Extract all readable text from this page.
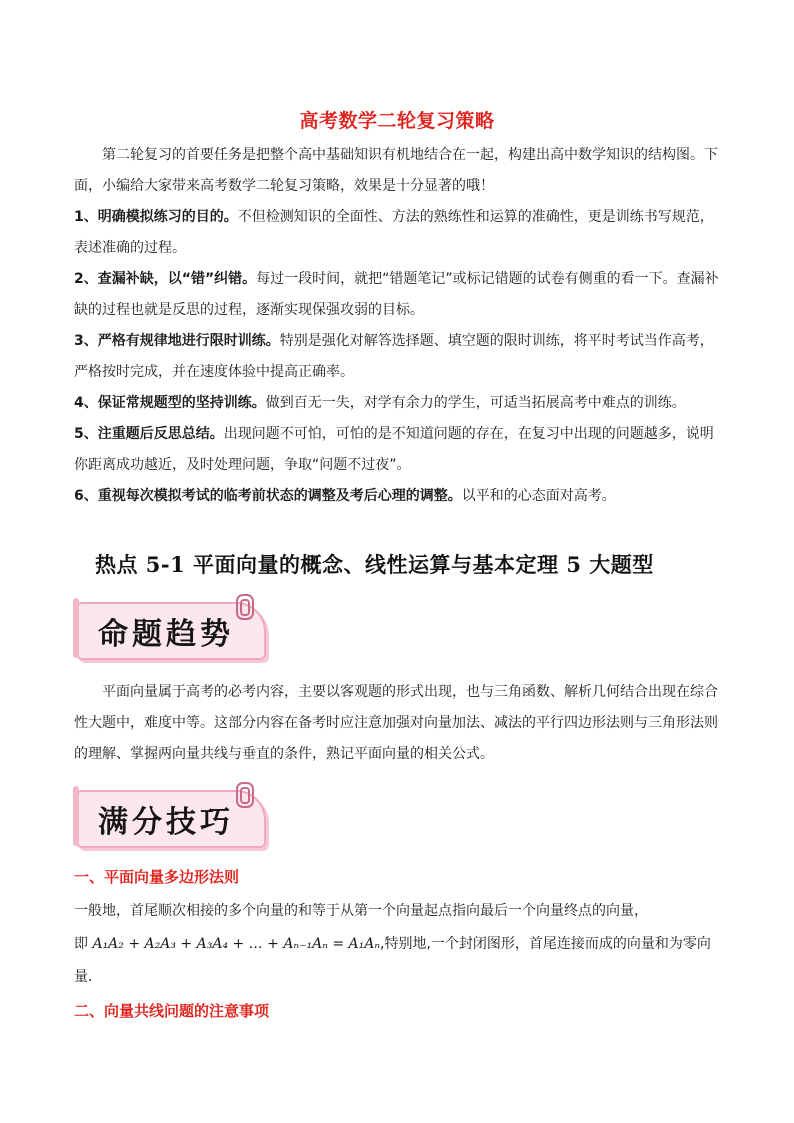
高考数学二轮复习策略

第二轮复习的首要任务是把整个高中基础知识有机地结合在一起，构建出高中数学知识的结构图。下面，小编给大家带来高考数学二轮复习策略，效果是十分显著的哦！

1、明确模拟练习的目的。不但检测知识的全面性、方法的熟练性和运算的准确性，更是训练书写规范，表述准确的过程。

2、查漏补缺，以“错”纠错。每过一段时间，就把“错题笔记”或标记错题的试卷有侧重的看一下。查漏补缺的过程也就是反思的过程，逐渐实现保强攻弱的目标。

3、严格有规律地进行限时训练。特别是强化对解答选择题、填空题的限时训练，将平时考试当作高考，严格按时完成，并在速度体验中提高正确率。

4、保证常规题型的坚持训练。做到百无一失，对学有余力的学生，可适当拓展高考中难点的训练。

5、注重题后反思总结。出现问题不可怕，可怕的是不知道问题的存在，在复习中出现的问题越多，说明你距离成功越近，及时处理问题，争取“问题不过夜”。

6、重视每次模拟考试的临考前状态的调整及考后心理的调整。以平和的心态面对高考。

热点 5-1 平面向量的概念、线性运算与基本定理 5 大题型
命题趋势

平面向量属于高考的必考内容，主要以客观题的形式出现，也与三角函数、解析几何结合出现在综合性大题中，难度中等。这部分内容在备考时应注意加强对向量加法、减法的平行四边形法则与三角形法则的理解、掌握两向量共线与垂直的条件，熟记平面向量的相关公式。

满分技巧
一、平面向量多边形法则

一般地，首尾顺次相接的多个向量的和等于从第一个向量起点指向最后一个向量终点的向量，

即 A₁A₂ + A₂A₃ + A₃A₄ + … + Aₙ₋₁Aₙ = A₁Aₙ,特别地,一个封闭图形，首尾连接而成的向量和为零向

量．

二、向量共线问题的注意事项
